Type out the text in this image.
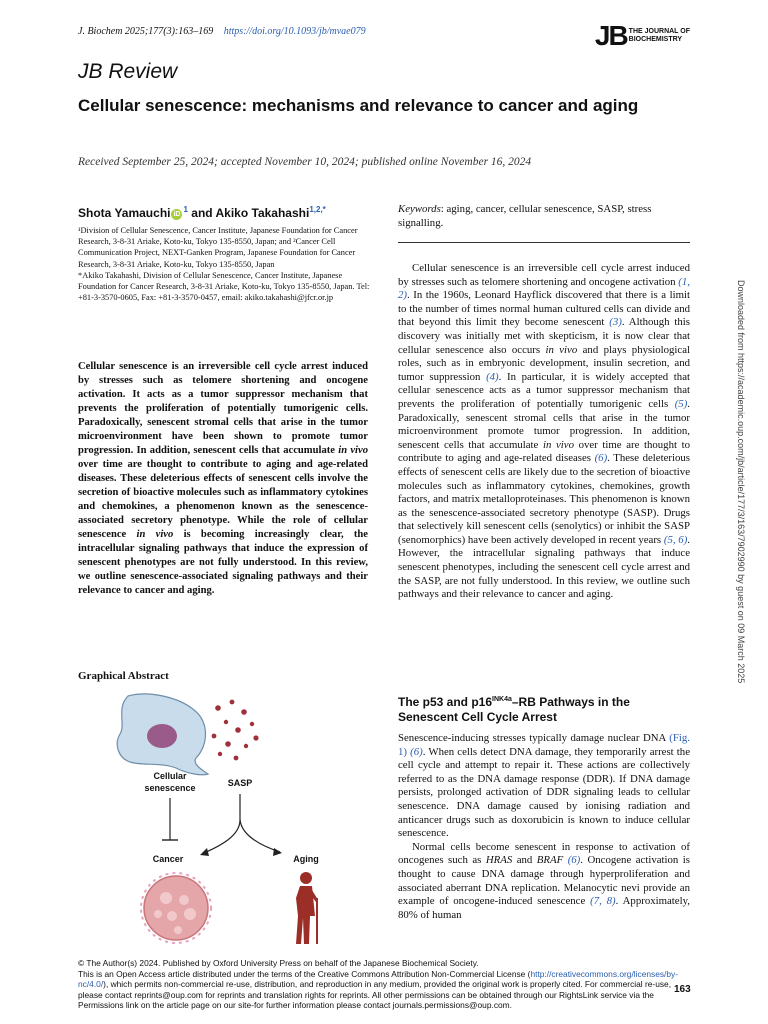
J. Biochem 2025;177(3):163–169 https://doi.org/10.1093/jb/mvae079	JB THE JOURNAL OF
BIOCHEMISTRY
JB Review
Cellular senescence: mechanisms and relevance to cancer and aging
Received September 25, 2024; accepted November 10, 2024; published online November 16, 2024
Shota Yamauchi $iD^1$ and Akiko Takahashi$^{1,2,*}$

¹Division of Cellular Senescence, Cancer Institute, Japanese Foundation for Cancer Research, 3-8-31 Ariake, Koto-ku, Tokyo 135-8550, Japan; and ²Cancer Cell Communication Project, NEXT-Ganken Program, Japanese Foundation for Cancer Research, 3-8-31 Ariake, Koto-ku, Tokyo 135-8550, Japan

*Akiko Takahashi, Division of Cellular Senescence, Cancer Institute, Japanese Foundation for Cancer Research, 3-8-31 Ariake, Koto-ku, Tokyo 135-8550, Japan. Tel: +81-3-3570-0605, Fax: +81-3-3570-0457, email: akiko.takahashi@jfcr.or.jp

Cellular senescence is an irreversible cell cycle arrest induced by stresses such as telomere shortening and oncogene activation. It acts as a tumor suppressor mechanism that prevents the proliferation of potentially tumorigenic cells. Paradoxically, senescent stromal cells that arise in the tumor microenvironment have been shown to promote tumor progression. In addition, senescent cells that accumulate in vivo over time are thought to contribute to aging and age-related diseases. These deleterious effects of senescent cells involve the secretion of bioactive molecules such as inflammatory cytokines and chemokines, a phenomenon known as the senescence-associated secretory phenotype. While the role of cellular senescence in vivo is becoming increasingly clear, the intracellular signaling pathways that induce the expression of senescent phenotypes are not fully understood. In this review, we outline senescence-associated signaling pathways and their relevance to cancer and aging.
Graphical Abstract
Cellular
senescence	SASP
Cancer	Aging
Keywords: aging, cancer, cellular senescence, SASP, stress signalling.

Cellular senescence is an irreversible cell cycle arrest induced by stresses such as telomere shortening and oncogene activation (1, 2). In the 1960s, Leonard Hayflick discovered that there is a limit to the number of times normal human cultured cells can divide and that beyond this limit they become senescent (3). Although this discovery was initially met with skepticism, it is now clear that cellular senescence also occurs in vivo and plays physiological roles, such as in embryonic development, insulin secretion, and tumor suppression (4). In particular, it is widely accepted that cellular senescence acts as a tumor suppressor mechanism that prevents the proliferation of potentially tumorigenic cells (5). Paradoxically, senescent stromal cells that arise in the tumor microenvironment promote tumor progression. In addition, senescent cells that accumulate in vivo over time are thought to contribute to aging and age-related diseases (6). These deleterious effects of senescent cells are likely due to the secretion of bioactive molecules such as inflammatory cytokines, chemokines, growth factors, and matrix metalloproteinases. This phenomenon is known as the senescence-associated secretory phenotype (SASP). Drugs that selectively kill senescent cells (senolytics) or inhibit the SASP (senomorphics) have been actively developed in recent years (5, 6). However, the intracellular signaling pathways that induce senescent phenotypes, including the senescent cell cycle arrest and the SASP, are not fully understood. In this review, we outline such pathways and their relevance to cancer and aging.

The p53 and $p16^{INK4a}-RB$ Pathways in the Senescent Cell Cycle Arrest

Senescence-inducing stresses typically damage nuclear DNA (Fig. 1) (6). When cells detect DNA damage, they temporarily arrest the cell cycle and attempt to repair it. These actions are collectively referred to as the DNA damage response (DDR). If DNA damage persists, prolonged activation of DDR signaling leads to cellular senescence. DNA damage caused by ionising radiation and anticancer drugs such as doxorubicin is known to induce cellular senescence.

Normal cells become senescent in response to activation of oncogenes such as HRAS and BRAF (6). Oncogene activation is thought to cause DNA damage through hyperproliferation and associated aberrant DNA replication. Melanocytic nevi provide an example of oncogene-induced senescence (7, 8). Approximately, 80% of human

Downloaded from https://academic.oup.com/jb/article/177/3/163/7902990 by guest on 09 March 2025
© The Author(s) 2024. Published by Oxford University Press on behalf of the Japanese Biochemical Society.
This is an Open Access article distributed under the terms of the Creative Commons Attribution Non-Commercial License (http://creativecommons.org/licenses/by-nc/4.0/), which permits non-commercial re-use, distribution, and reproduction in any medium, provided the original work is properly cited. For commercial re-use, please contact reprints@oup.com for reprints and translation rights for reprints. All other permissions can be obtained through our RightsLink service via the Permissions link on the article page on our site-for further information please contact journals.permissions@oup.com.
163
